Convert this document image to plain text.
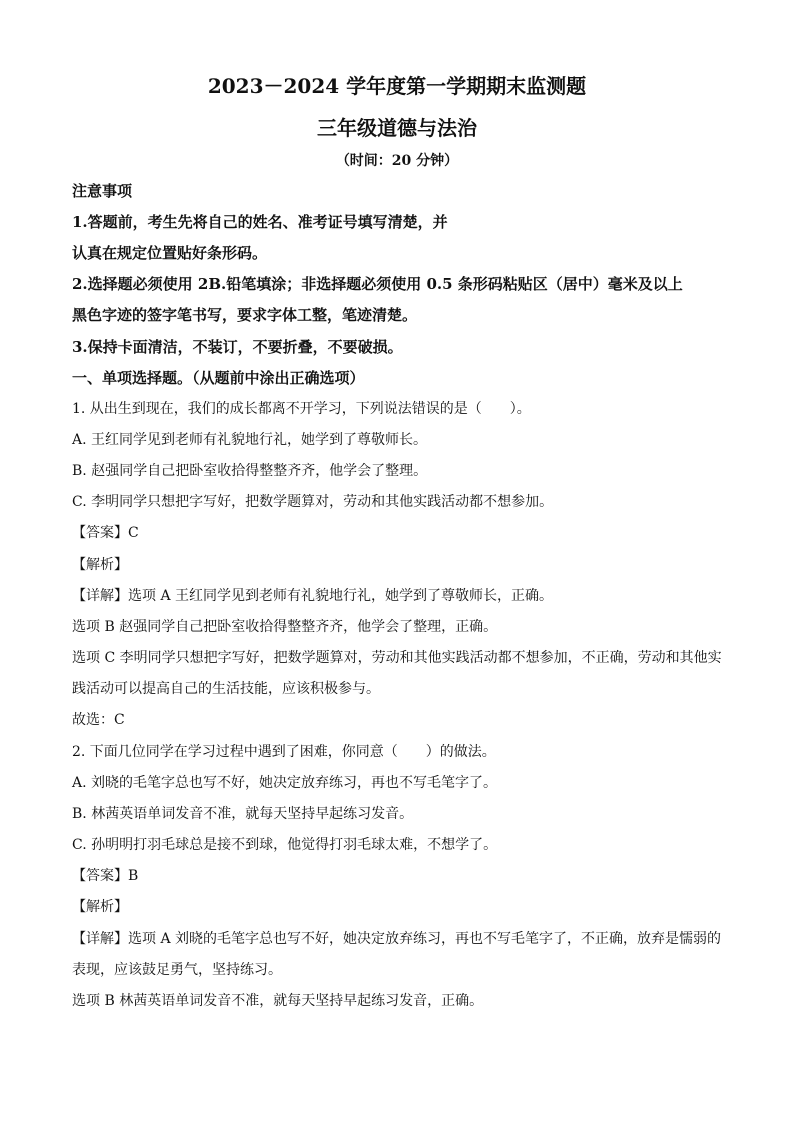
2023－2024 学年度第一学期期末监测题
三年级道德与法治
（时间：20 分钟）
注意事项
1.答题前，考生先将自己的姓名、准考证号填写清楚，并
认真在规定位置贴好条形码。
2.选择题必须使用 2B.铅笔填涂；非选择题必须使用 0.5 条形码粘贴区（居中）毫米及以上
黑色字迹的签字笔书写，要求字体工整，笔迹清楚。
3.保持卡面清洁，不装订，不要折叠，不要破损。
一、单项选择题。（从题前中涂出正确选项）
1. 从出生到现在，我们的成长都离不开学习，下列说法错误的是（　　）。
A. 王红同学见到老师有礼貌地行礼，她学到了尊敬师长。
B. 赵强同学自己把卧室收拾得整整齐齐，他学会了整理。
C. 李明同学只想把字写好，把数学题算对，劳动和其他实践活动都不想参加。
【答案】C
【解析】
【详解】选项 A 王红同学见到老师有礼貌地行礼，她学到了尊敬师长，正确。
选项 B 赵强同学自己把卧室收拾得整整齐齐，他学会了整理，正确。
选项 C 李明同学只想把字写好，把数学题算对，劳动和其他实践活动都不想参加，不正确，劳动和其他实
践活动可以提高自己的生活技能，应该积极参与。
故选：C
2. 下面几位同学在学习过程中遇到了困难，你同意（　　）的做法。
A. 刘晓的毛笔字总也写不好，她决定放弃练习，再也不写毛笔字了。
B. 林茜英语单词发音不准，就每天坚持早起练习发音。
C. 孙明明打羽毛球总是接不到球，他觉得打羽毛球太难，不想学了。
【答案】B
【解析】
【详解】选项 A 刘晓的毛笔字总也写不好，她决定放弃练习，再也不写毛笔字了，不正确，放弃是懦弱的
表现，应该鼓足勇气，坚持练习。
选项 B 林茜英语单词发音不准，就每天坚持早起练习发音，正确。
